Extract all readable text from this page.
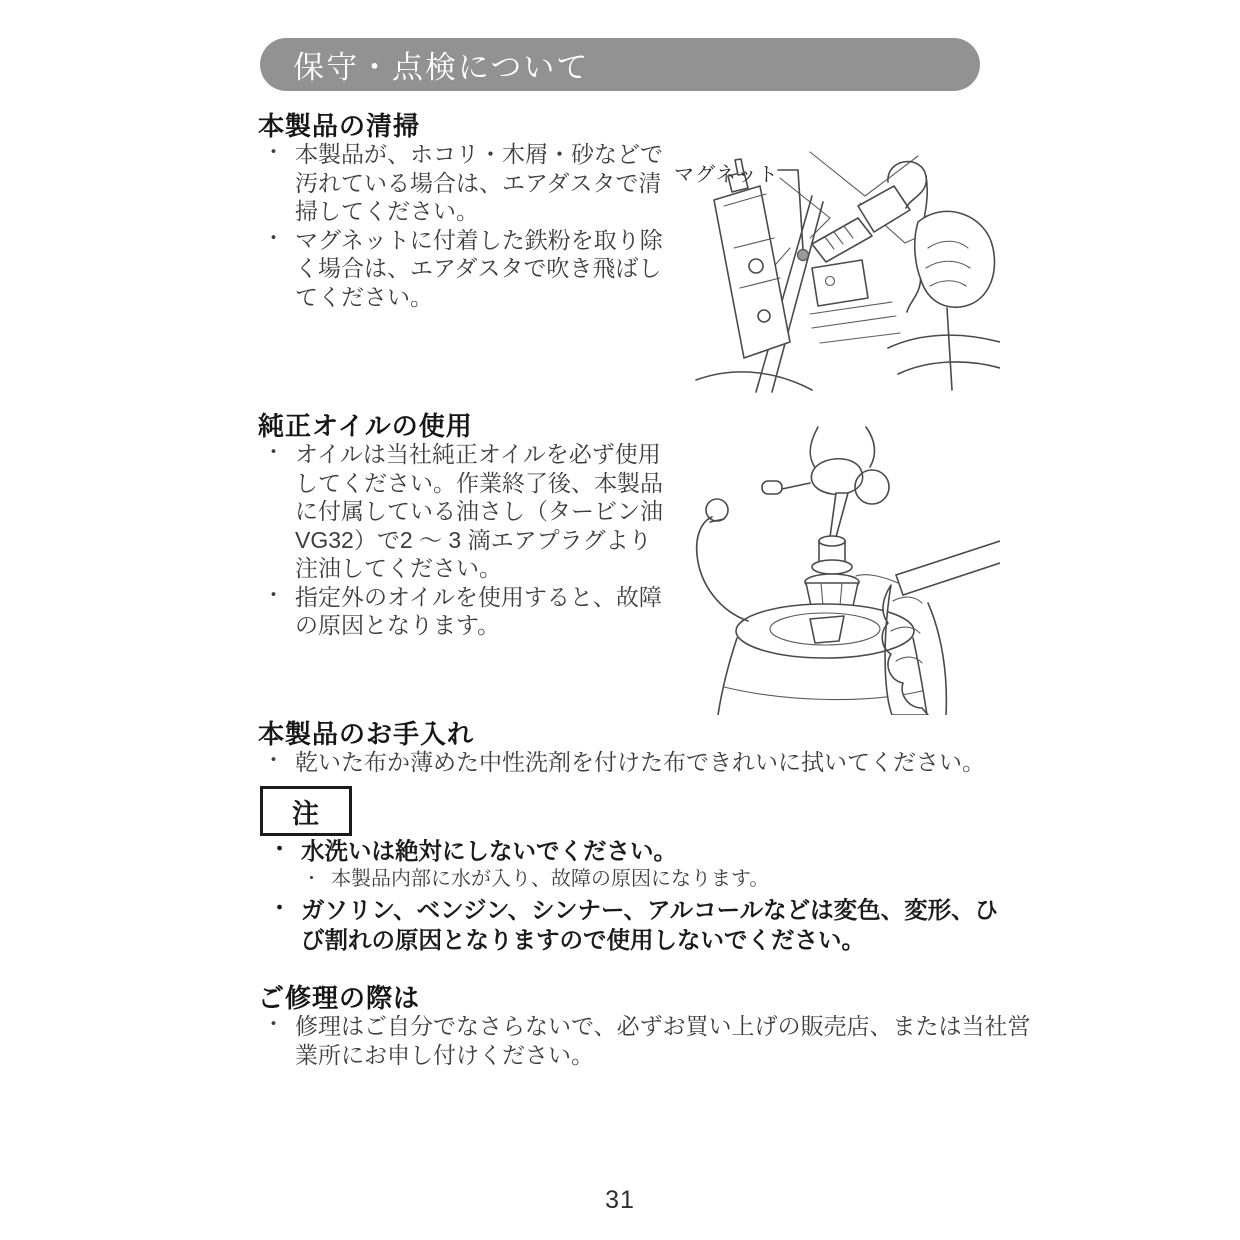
保守・点検について
本製品の清掃
・ 本製品が、ホコリ・木屑・砂などで汚れている場合は、エアダスタで清掃してください。
・ マグネットに付着した鉄粉を取り除く場合は、エアダスタで吹き飛ばしてください。
マグネット
純正オイルの使用
・ オイルは当社純正オイルを必ず使用してください。作業終了後、本製品に付属している油さし（タービン油VG32）で2 ～ 3 滴エアプラグより注油してください。
・ 指定外のオイルを使用すると、故障の原因となります。
本製品のお手入れ
・ 乾いた布か薄めた中性洗剤を付けた布できれいに拭いてください。
注
・ 水洗いは絶対にしないでください。
・ 本製品内部に水が入り、故障の原因になります。
・ ガソリン、ベンジン、シンナー、アルコールなどは変色、変形、ひび割れの原因となりますので使用しないでください。
ご修理の際は
・ 修理はご自分でなさらないで、必ずお買い上げの販売店、または当社営業所にお申し付けください。
31
